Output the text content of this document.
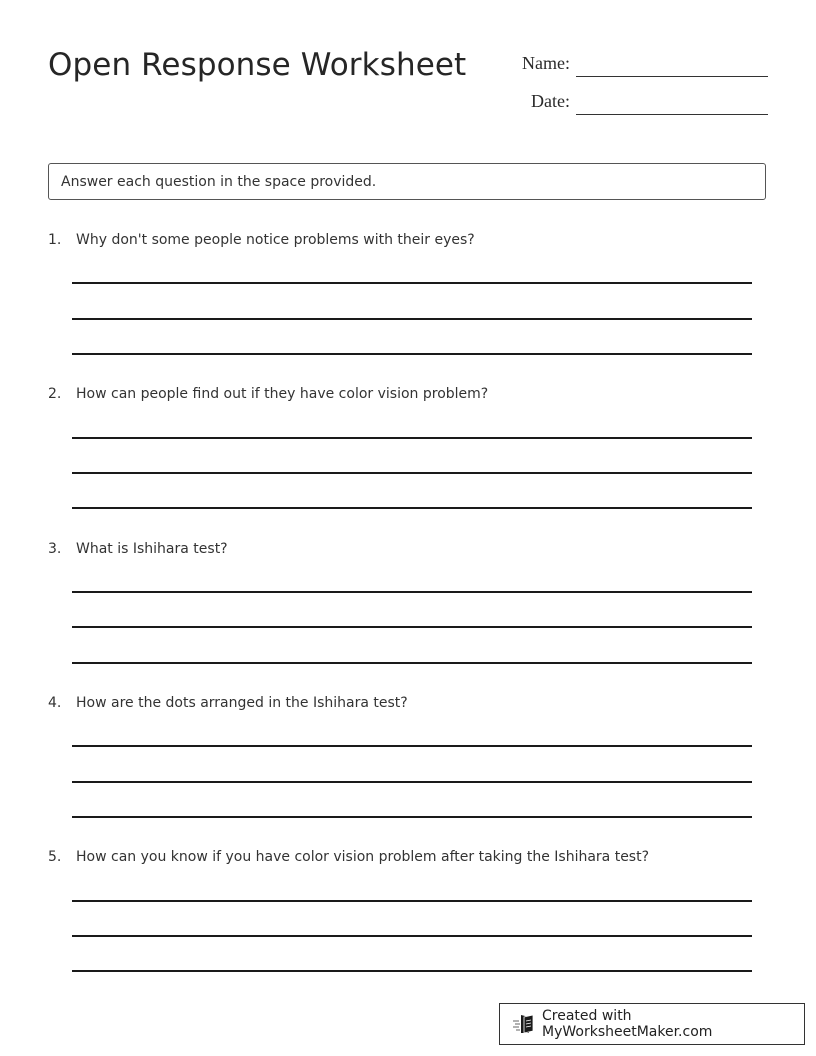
Open Response Worksheet	Name:
Date:
Answer each question in the space provided.
1. Why don't some people notice problems with their eyes?
2. How can people find out if they have color vision problem?
3. What is Ishihara test?
4. How are the dots arranged in the Ishihara test?
5. How can you know if you have color vision problem after taking the Ishihara test?
Created with MyWorksheetMaker.com
